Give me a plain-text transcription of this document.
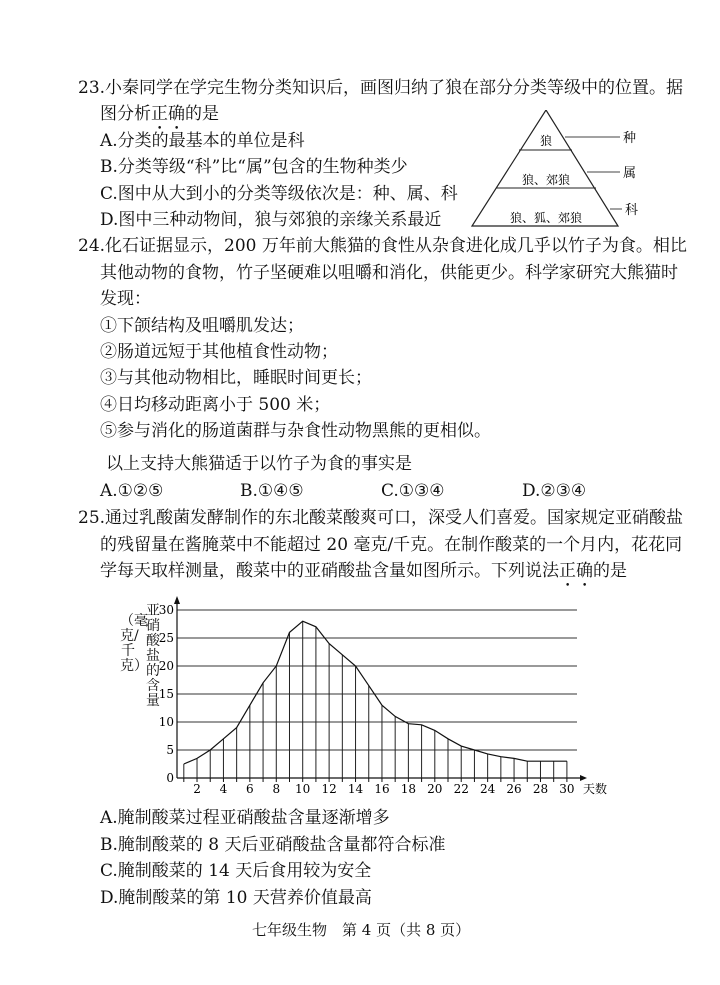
23.小秦同学在学完生物分类知识后，画图归纳了狼在部分分类等级中的位置。据
图分析正确的是
A.分类的最基本的单位是科
B.分类等级“科”比“属”包含的生物种类少
C.图中从大到小的分类等级依次是：种、属、科
D.图中三种动物间，狼与郊狼的亲缘关系最近
狼
狼、郊狼
狼、狐、郊狼
种
属
科
24.化石证据显示，200 万年前大熊猫的食性从杂食进化成几乎以竹子为食。相比
其他动物的食物，竹子坚硬难以咀嚼和消化，供能更少。科学家研究大熊猫时
发现：
①下颌结构及咀嚼肌发达；
②肠道远短于其他植食性动物；
③与其他动物相比，睡眠时间更长；
④日均移动距离小于 500 米；
⑤参与消化的肠道菌群与杂食性动物黑熊的更相似。
以上支持大熊猫适于以竹子为食的事实是
A.①②⑤	B.①④⑤	C.①③④	D.②③④
25.通过乳酸菌发酵制作的东北酸菜酸爽可口，深受人们喜爱。国家规定亚硝酸盐
的残留量在酱腌菜中不能超过 20 毫克/千克。在制作酸菜的一个月内，花花同
学每天取样测量，酸菜中的亚硝酸盐含量如图所示。下列说法正确的是
（毫克/千克）
亚硝酸盐的含量
0
5
10
15
20
25
30
2 4 6 8 10 12 14 16 18 20 22 24 26 28 30 天数
A.腌制酸菜过程亚硝酸盐含量逐渐增多
B.腌制酸菜的 8 天后亚硝酸盐含量都符合标准
C.腌制酸菜的 14 天后食用较为安全
D.腌制酸菜的第 10 天营养价值最高
七年级生物　第 4 页（共 8 页）
